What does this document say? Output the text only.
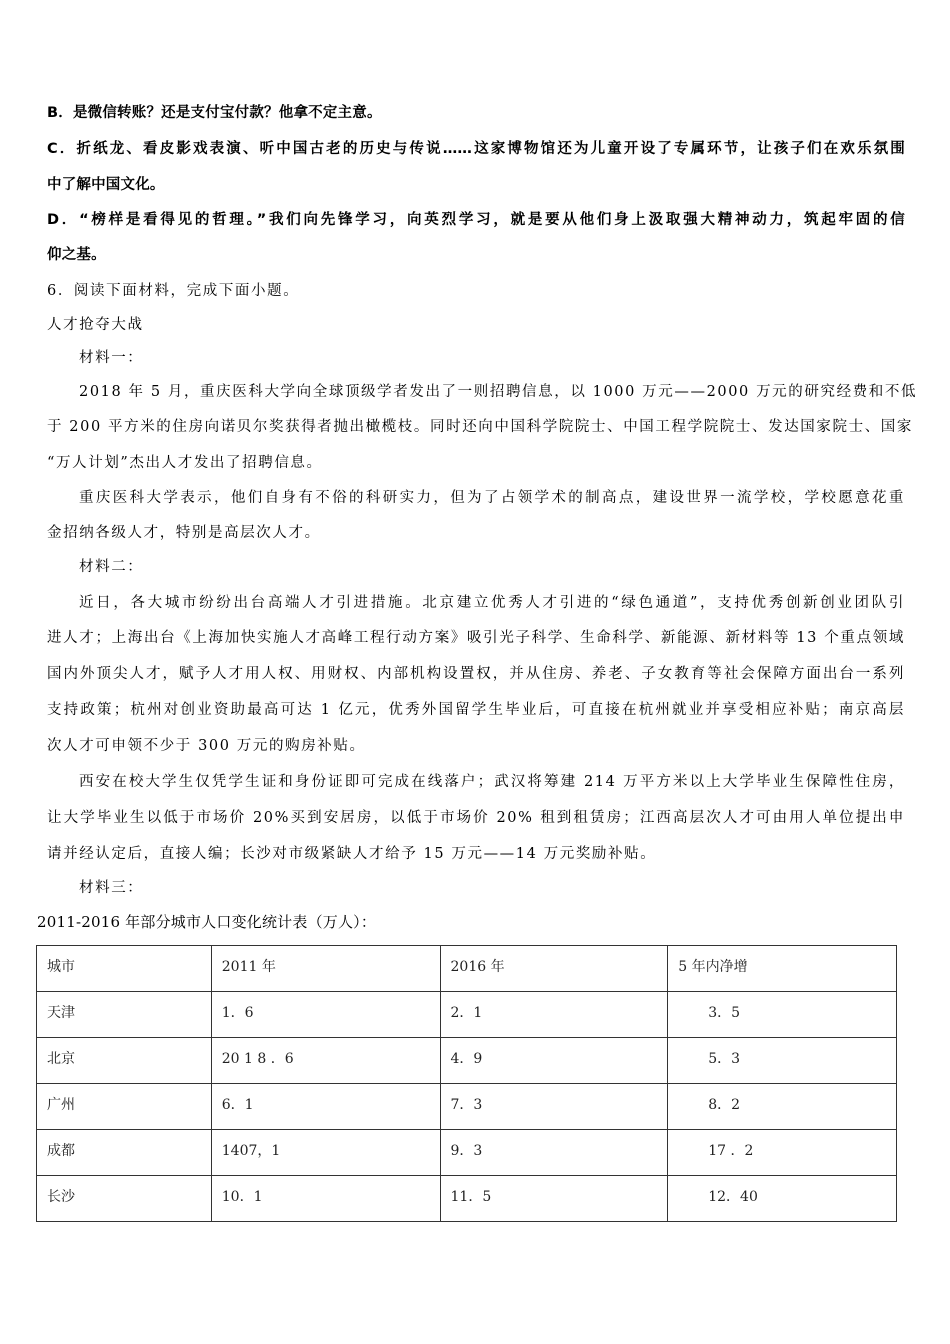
B．是微信转账？还是支付宝付款？他拿不定主意。
C．折纸龙、看皮影戏表演、听中国古老的历史与传说……这家博物馆还为儿童开设了专属环节，让孩子们在欢乐氛围
中了解中国文化。
D．“榜样是看得见的哲理。”我们向先锋学习，向英烈学习，就是要从他们身上汲取强大精神动力，筑起牢固的信
仰之基。
6．阅读下面材料，完成下面小题。
人才抢夺大战
材料一：
2018 年 5 月，重庆医科大学向全球顶级学者发出了一则招聘信息，以 1000 万元——2000 万元的研究经费和不低
于 200 平方米的住房向诺贝尔奖获得者抛出橄榄枝。同时还向中国科学院院士、中国工程学院院士、发达国家院士、国家
“万人计划”杰出人才发出了招聘信息。
重庆医科大学表示，他们自身有不俗的科研实力，但为了占领学术的制高点，建设世界一流学校，学校愿意花重
金招纳各级人才，特别是高层次人才。
材料二：
近日，各大城市纷纷出台高端人才引进措施。北京建立优秀人才引进的“绿色通道”，支持优秀创新创业团队引
进人才；上海出台《上海加快实施人才高峰工程行动方案》吸引光子科学、生命科学、新能源、新材料等 13 个重点领域
国内外顶尖人才，赋予人才用人权、用财权、内部机构设置权，并从住房、养老、子女教育等社会保障方面出台一系列
支持政策；杭州对创业资助最高可达 1 亿元，优秀外国留学生毕业后，可直接在杭州就业并享受相应补贴；南京高层
次人才可申领不少于 300 万元的购房补贴。
西安在校大学生仅凭学生证和身份证即可完成在线落户；武汉将筹建 214 万平方米以上大学毕业生保障性住房，
让大学毕业生以低于市场价 20%买到安居房，以低于市场价 20% 租到租赁房；江西高层次人才可由用人单位提出申
请并经认定后，直接人编；长沙对市级紧缺人才给予 15 万元——14 万元奖励补贴。
材料三：
2011-2016 年部分城市人口变化统计表（万人）：
城市	2011 年	2016 年	5 年内净增
天津	1．6	2．1	3．5
北京	20 1 8 ．6	4．9	5．3
广州	6．1	7．3	8．2
成都	1407，1	9．3	17 ．2
长沙	10．1	11．5	12．40
